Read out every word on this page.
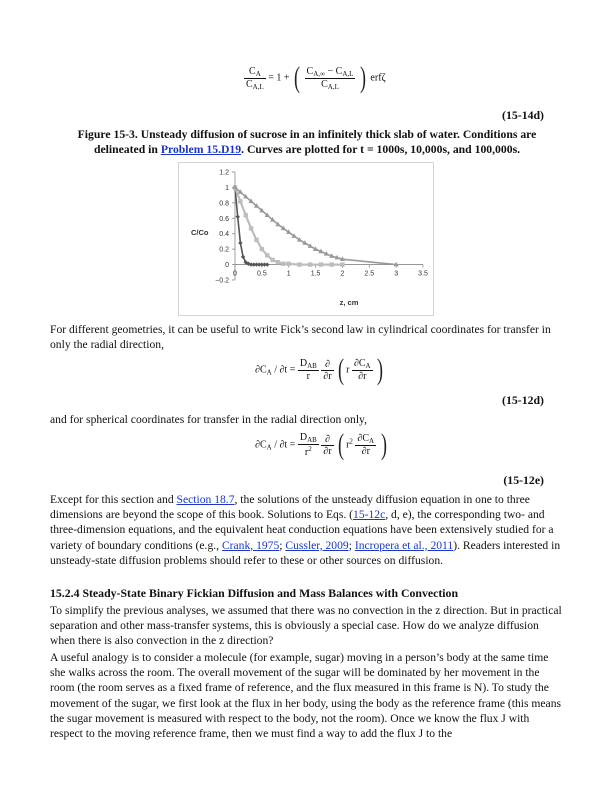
$\frac{C_A}{C_{A,L}} = 1$ + ( $\frac{C_{A,\infty} - C_{A,L}}{C_{A,L}}$ ) erfζ
(15-14d)
Figure 15-3. Unsteady diffusion of sucrose in an infinitely thick slab of water. Conditions are delineated in Problem 15.D19. Curves are plotted for t = 1000s, 10,000s, and 100,000s.
−0.2
0
0.2
0.4
0.6
0.8
1
1.2
0	0.5	1	1.5	2	2.5	3	3.5
C/Co
z, cm
For different geometries, it can be useful to write Fick’s second law in cylindrical coordinates for transfer in only the radial direction,
$\partial C_A / \partial t = \frac{D_{AB}}{r}$
$\frac{\partial}{\partial r}$ ( r $\frac{\partial C_A}{\partial r}$ )
(15-12d)
and for spherical coordinates for transfer in the radial direction only,
$\partial C_A / \partial t = \frac{D_{AB}}{r^2}$
$\frac{\partial}{\partial r}$ ( $r^2 \frac{\partial C_A}{\partial r}$ )
(15-12e)
Except for this section and Section 18.7, the solutions of the unsteady diffusion equation in one to three dimensions are beyond the scope of this book. Solutions to Eqs. (15-12c, d, e), the corresponding two- and three-dimension equations, and the equivalent heat conduction equations have been extensively studied for a variety of boundary conditions (e.g., Crank, 1975; Cussler, 2009; Incropera et al., 2011). Readers interested in unsteady-state diffusion problems should refer to these or other sources on diffusion.
15.2.4 Steady-State Binary Fickian Diffusion and Mass Balances with Convection
To simplify the previous analyses, we assumed that there was no convection in the z direction. But in practical separation and other mass-transfer systems, this is obviously a special case. How do we analyze diffusion when there is also convection in the z direction?
A useful analogy is to consider a molecule (for example, sugar) moving in a person’s body at the same time she walks across the room. The overall movement of the sugar will be dominated by her movement in the room (the room serves as a fixed frame of reference, and the flux measured in this frame is N). To study the movement of the sugar, we first look at the flux in her body, using the body as the reference frame (this means the sugar movement is measured with respect to the body, not the room). Once we know the flux J with respect to the moving reference frame, then we must find a way to add the flux J to the
